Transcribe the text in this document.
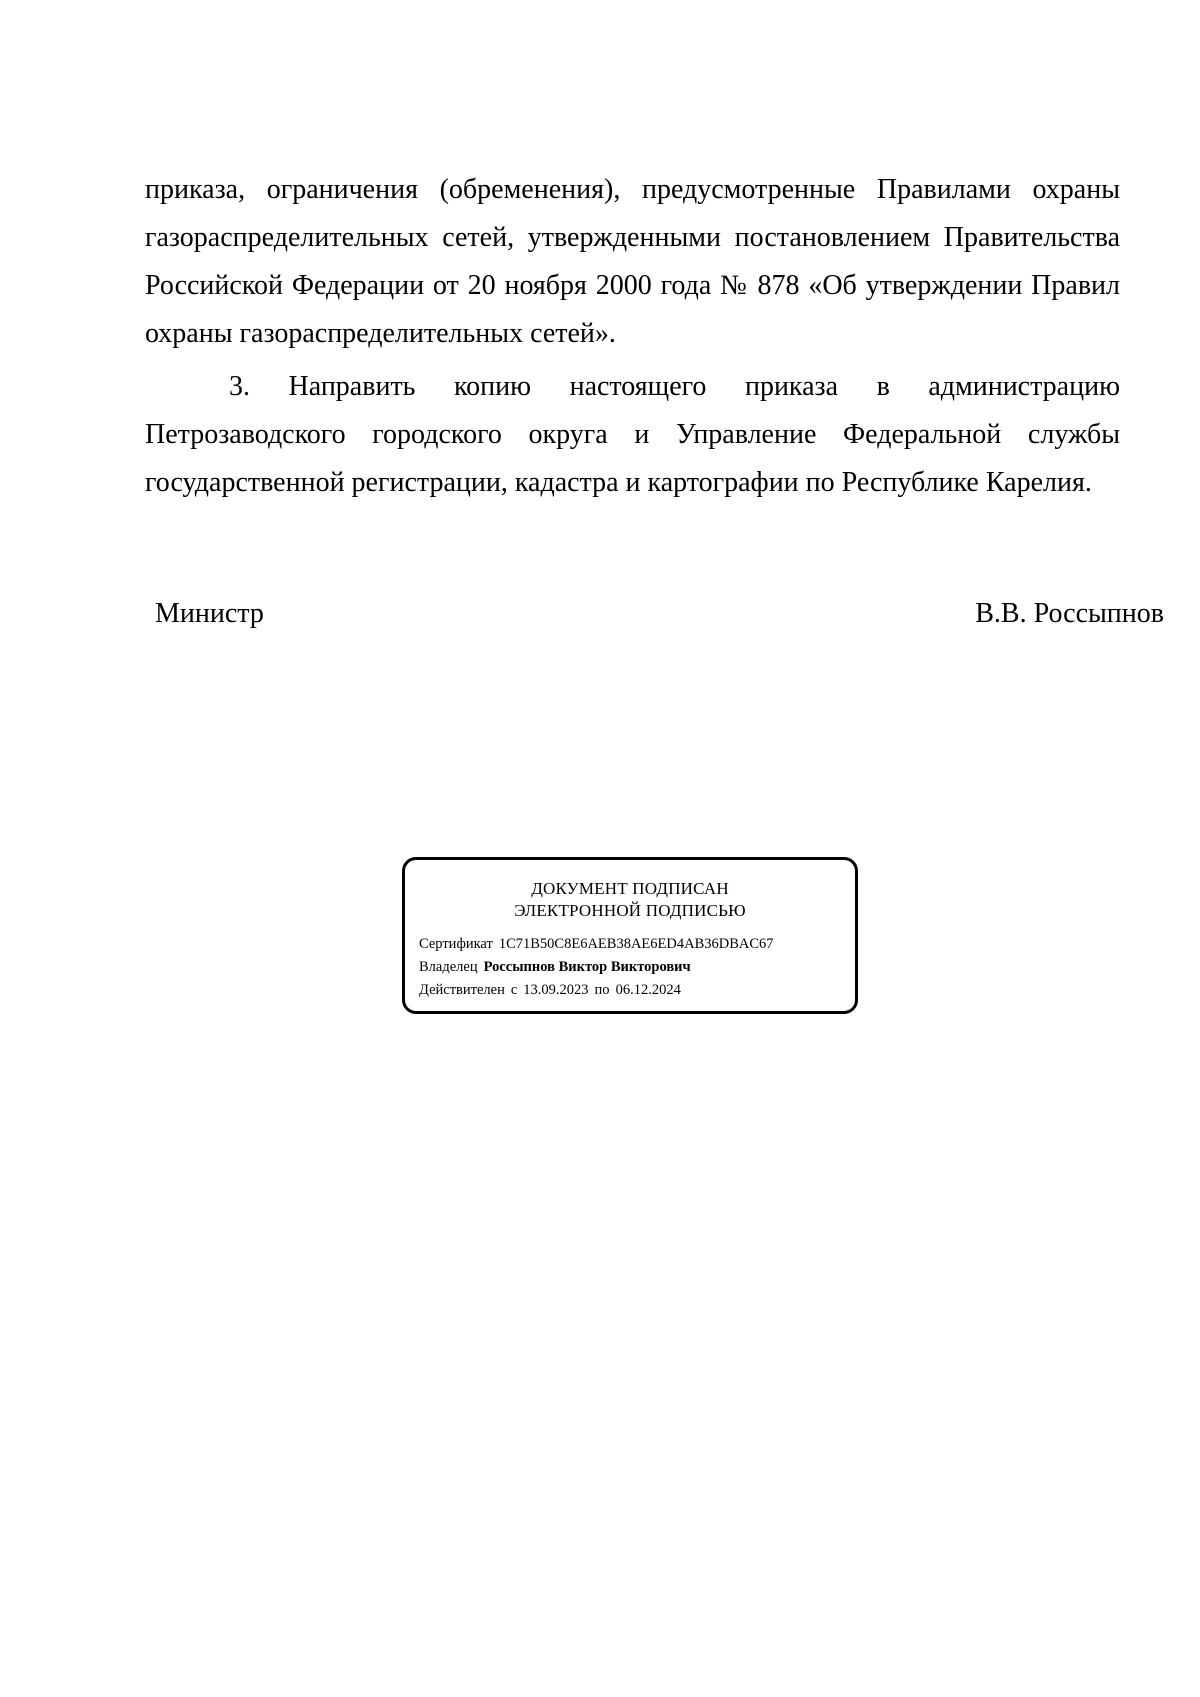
приказа, ограничения (обременения), предусмотренные Правилами охраны газораспределительных сетей, утвержденными постановлением Правительства Российской Федерации от 20 ноября 2000 года № 878 «Об утверждении Правил охраны газораспределительных сетей».

3. Направить копию настоящего приказа в администрацию Петрозаводского городского округа и Управление Федеральной службы государственной регистрации, кадастра и картографии по Республике Карелия.

Министр	В.В. Россыпнов
ДОКУМЕНТ ПОДПИСАН
ЭЛЕКТРОННОЙ ПОДПИСЬЮ
Сертификат 1C71B50C8E6AEB38AE6ED4AB36DBAC67
Владелец Россыпнов Виктор Викторович
Действителен с 13.09.2023 по 06.12.2024
